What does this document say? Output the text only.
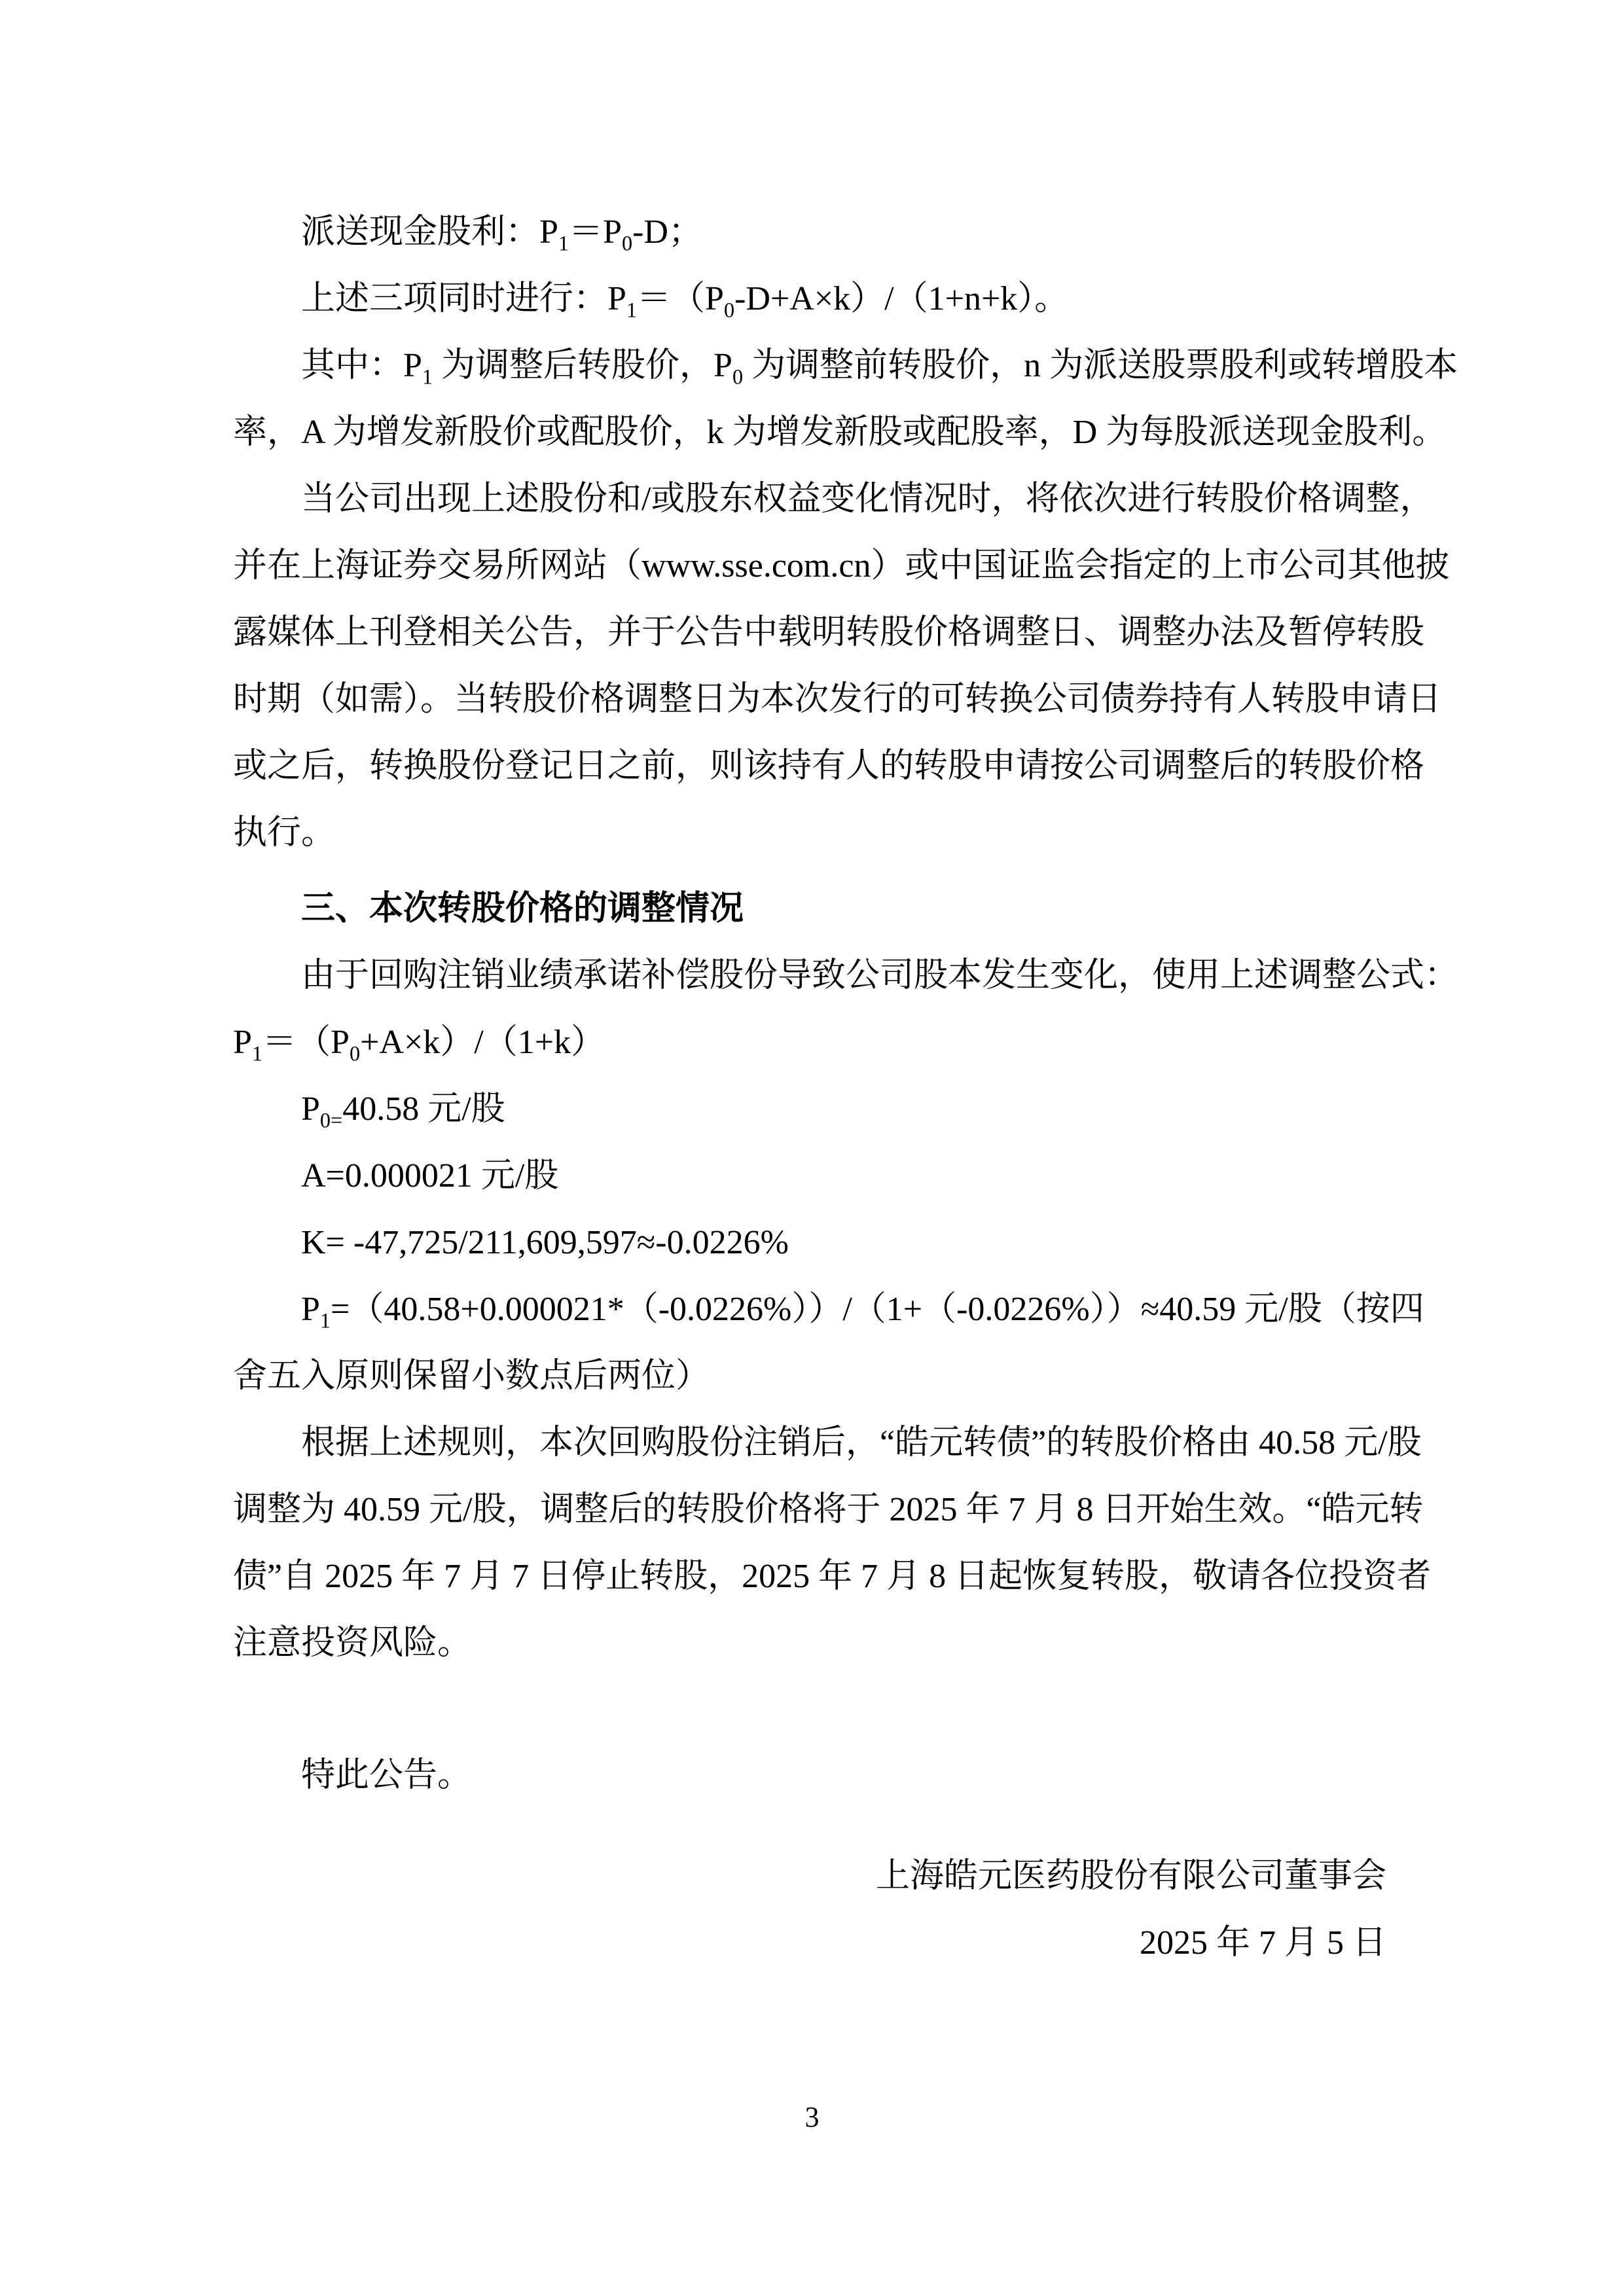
派送现金股利：$P_1=P_0-D$；
上述三项同时进行：$P_1=(P_0-D+A\times k)/(1+n+k)$。
其中：$P_1$ 为调整后转股价，$P_0$ 为调整前转股价，n 为派送股票股利或转增股本
率，A 为增发新股价或配股价，k 为增发新股或配股率，D 为每股派送现金股利。
当公司出现上述股份和/或股东权益变化情况时，将依次进行转股价格调整，
并在上海证券交易所网站（www.sse.com.cn）或中国证监会指定的上市公司其他披
露媒体上刊登相关公告，并于公告中载明转股价格调整日、调整办法及暂停转股
时期（如需）。当转股价格调整日为本次发行的可转换公司债券持有人转股申请日
或之后，转换股份登记日之前，则该持有人的转股申请按公司调整后的转股价格
执行。
三、本次转股价格的调整情况
由于回购注销业绩承诺补偿股份导致公司股本发生变化，使用上述调整公式：
$P_1=(P_0+A\times k)/(1+k)$
$P_{0=}40.58$ 元/股
A=0.000021 元/股
K= -47,725/211,609,597≈-0.0226%
$P_1=(40.58+0.000021*(-0.0226\%))/(1+(-0.0226\%))\approx 40.59$ 元/股（按四
舍五入原则保留小数点后两位）
根据上述规则，本次回购股份注销后，“皓元转债”的转股价格由 40.58 元/股
调整为 40.59 元/股，调整后的转股价格将于 2025 年 7 月 8 日开始生效。“皓元转
债”自 2025 年 7 月 7 日停止转股，2025 年 7 月 8 日起恢复转股，敬请各位投资者
注意投资风险。
特此公告。
上海皓元医药股份有限公司董事会
2025 年 7 月 5 日
3
